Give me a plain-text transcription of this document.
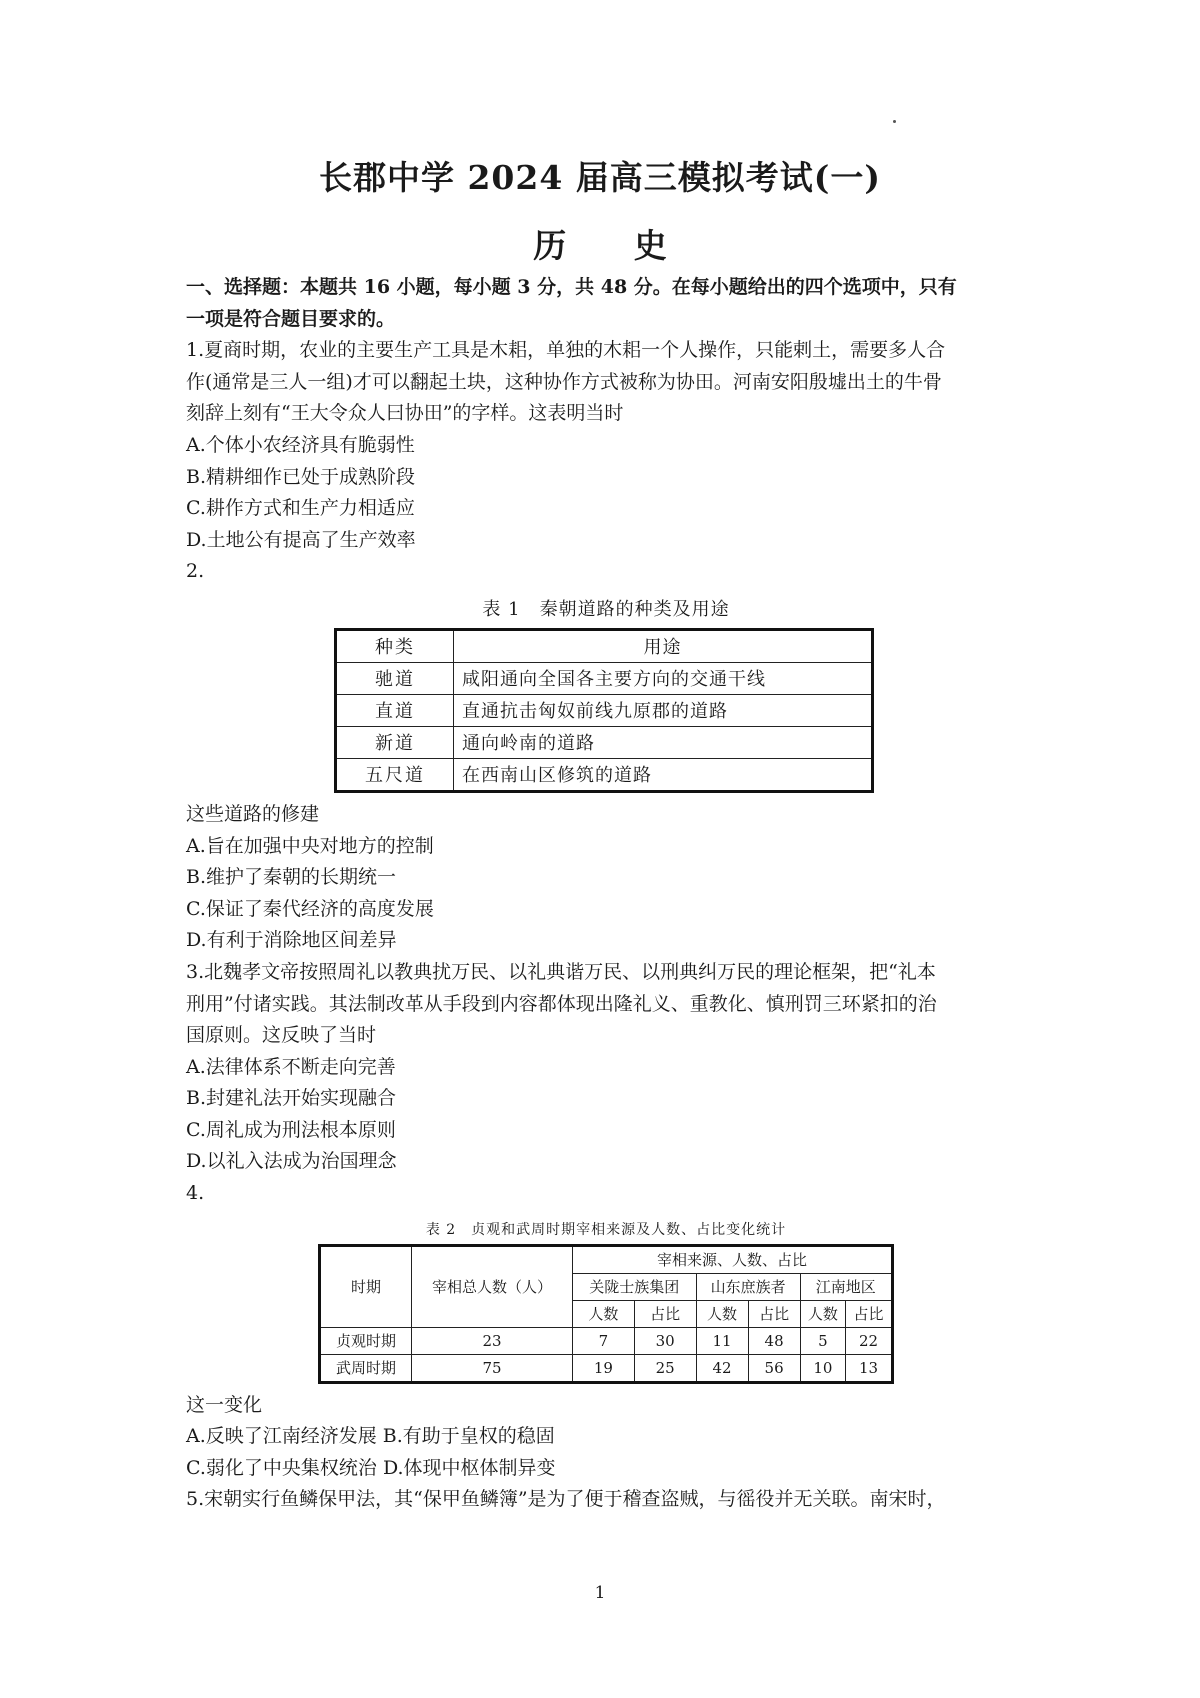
长郡中学 2024 届高三模拟考试(一)
历 史
一、选择题：本题共 16 小题，每小题 3 分，共 48 分。在每小题给出的四个选项中，只有
一项是符合题目要求的。
1.夏商时期，农业的主要生产工具是木耜，单独的木耜一个人操作，只能剌土，需要多人合
作(通常是三人一组)才可以翻起土块，这种协作方式被称为协田。河南安阳殷墟出土的牛骨
刻辞上刻有“王大令众人曰协田”的字样。这表明当时
A.个体小农经济具有脆弱性
B.精耕细作已处于成熟阶段
C.耕作方式和生产力相适应
D.土地公有提高了生产效率
2.
表 1　秦朝道路的种类及用途
种类	用途
驰道	咸阳通向全国各主要方向的交通干线
直道	直通抗击匈奴前线九原郡的道路
新道	通向岭南的道路
五尺道	在西南山区修筑的道路
这些道路的修建
A.旨在加强中央对地方的控制
B.维护了秦朝的长期统一
C.保证了秦代经济的高度发展
D.有利于消除地区间差异
3.北魏孝文帝按照周礼以教典扰万民、以礼典谐万民、以刑典纠万民的理论框架，把“礼本
刑用”付诸实践。其法制改革从手段到内容都体现出隆礼义、重教化、慎刑罚三环紧扣的治
国原则。这反映了当时
A.法律体系不断走向完善
B.封建礼法开始实现融合
C.周礼成为刑法根本原则
D.以礼入法成为治国理念
4.
表 2　贞观和武周时期宰相来源及人数、占比变化统计
时期	宰相总人数（人）	宰相来源、人数、占比					
		关陇士族集团		山东庶族者		江南地区	
		人数	占比	人数	占比	人数	占比
贞观时期	23	7	30	11	48	5	22
武周时期	75	19	25	42	56	10	13
这一变化
A.反映了江南经济发展 B.有助于皇权的稳固
C.弱化了中央集权统治 D.体现中枢体制异变
5.宋朝实行鱼鳞保甲法，其“保甲鱼鳞簿”是为了便于稽查盗贼，与徭役并无关联。南宋时，
1
